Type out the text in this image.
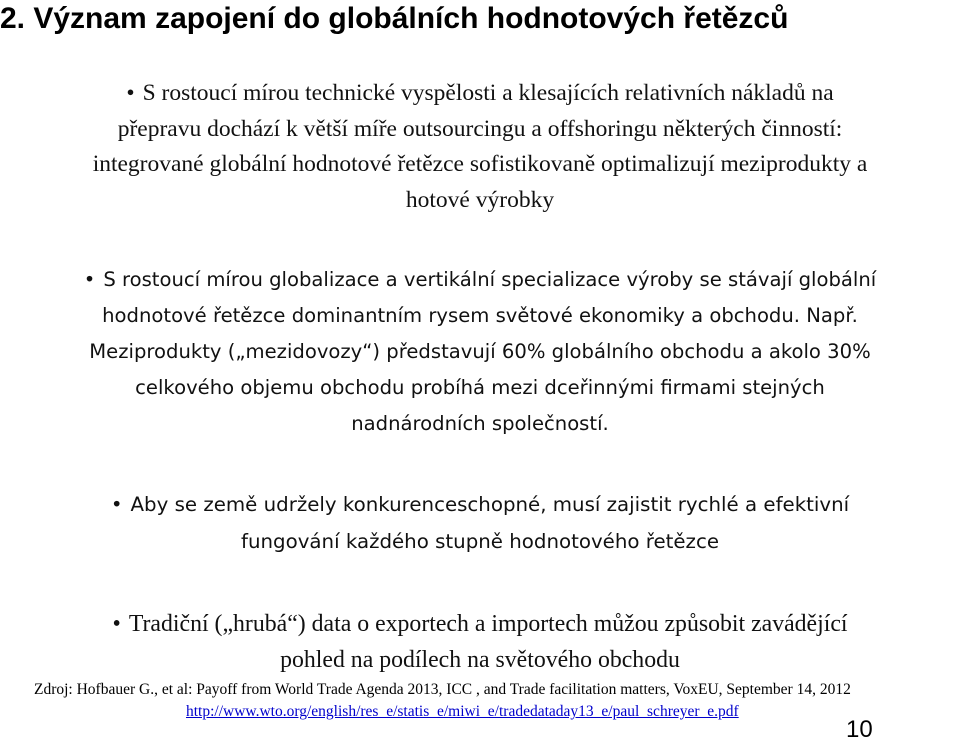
2. Význam zapojení do globálních hodnotových řetězců
• S rostoucí mírou technické vyspělosti a klesajících relativních nákladů na
přepravu dochází k větší míře outsourcingu a offshoringu některých činností:
integrované globální hodnotové řetězce sofistikovaně optimalizují meziprodukty a
hotové výrobky
• S rostoucí mírou globalizace a vertikální specializace výroby se stávají globální
hodnotové řetězce dominantním rysem světové ekonomiky a obchodu. Např.
Meziprodukty („mezidovozy“) představují 60% globálního obchodu a akolo 30%
celkového objemu obchodu probíhá mezi dceřinnými firmami stejných
nadnárodních společností.
• Aby se země udržely konkurenceschopné, musí zajistit rychlé a efektivní
fungování každého stupně hodnotového řetězce
• Tradiční („hrubá“) data o exportech a importech můžou způsobit zavádějící
pohled na podílech na světového obchodu
Zdroj: Hofbauer G., et al: Payoff from World Trade Agenda 2013, ICC , and Trade facilitation matters, VoxEU, September 14, 2012
http://www.wto.org/english/res_e/statis_e/miwi_e/tradedataday13_e/paul_schreyer_e.pdf
10
